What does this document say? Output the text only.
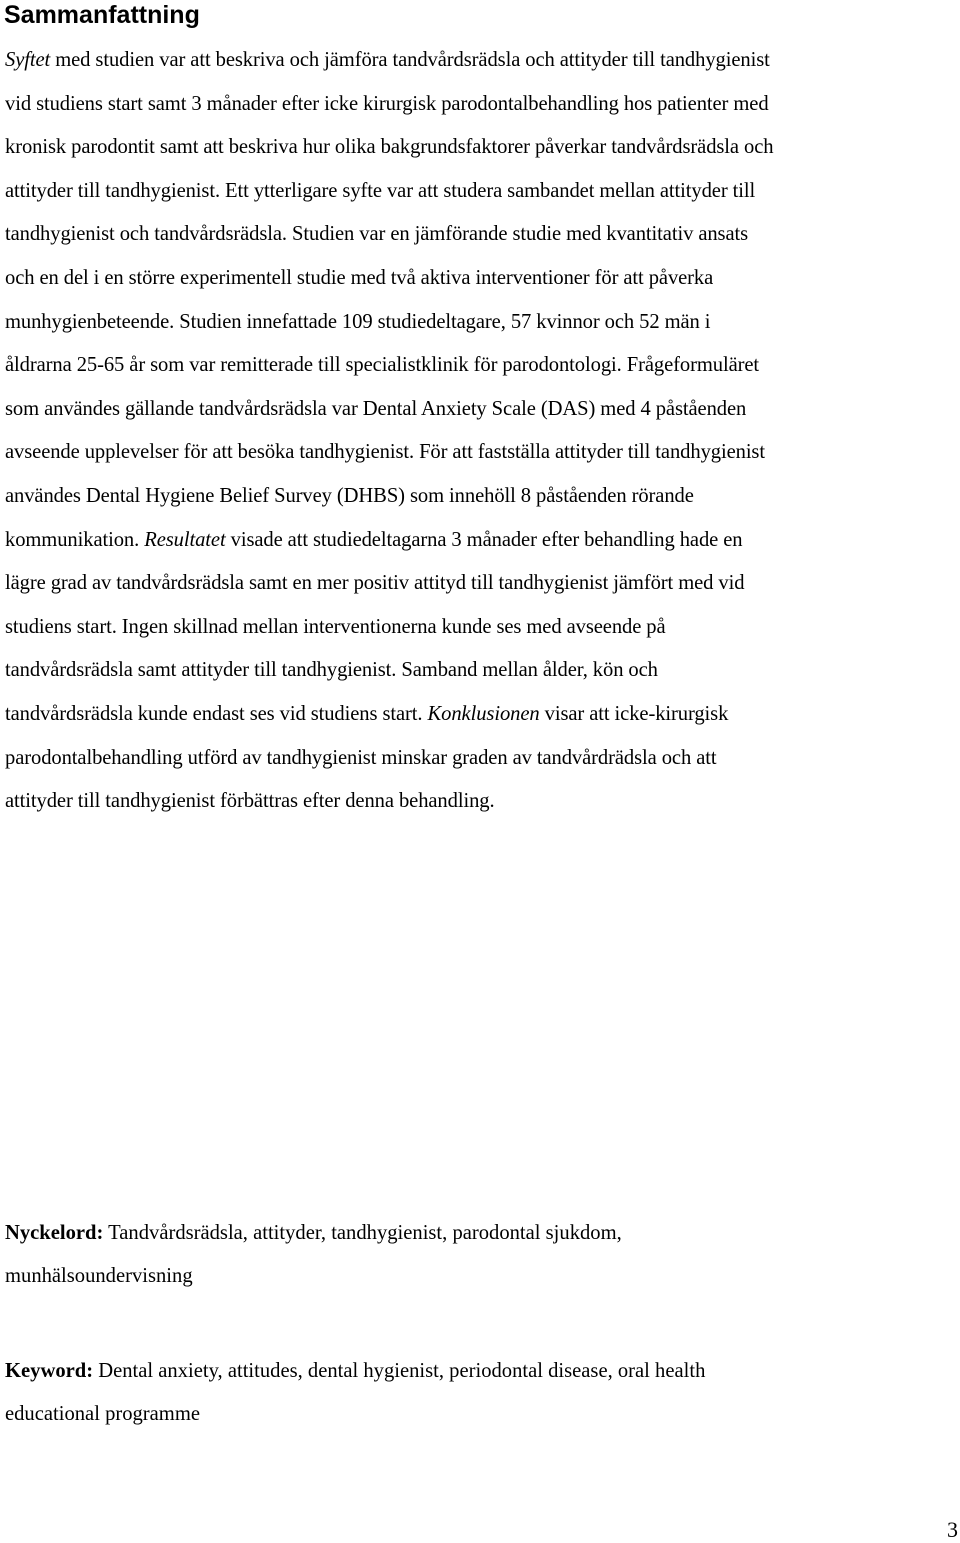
Sammanfattning

Syftet med studien var att beskriva och jämföra tandvårdsrädsla och attityder till tandhygienist
vid studiens start samt 3 månader efter icke kirurgisk parodontalbehandling hos patienter med
kronisk parodontit samt att beskriva hur olika bakgrundsfaktorer påverkar tandvårdsrädsla och
attityder till tandhygienist. Ett ytterligare syfte var att studera sambandet mellan attityder till
tandhygienist och tandvårdsrädsla. Studien var en jämförande studie med kvantitativ ansats
och en del i en större experimentell studie med två aktiva interventioner för att påverka
munhygienbeteende. Studien innefattade 109 studiedeltagare, 57 kvinnor och 52 män i
åldrarna 25-65 år som var remitterade till specialistklinik för parodontologi. Frågeformuläret
som användes gällande tandvårdsrädsla var Dental Anxiety Scale (DAS) med 4 påståenden
avseende upplevelser för att besöka tandhygienist. För att fastställa attityder till tandhygienist
användes Dental Hygiene Belief Survey (DHBS) som innehöll 8 påståenden rörande
kommunikation. Resultatet visade att studiedeltagarna 3 månader efter behandling hade en
lägre grad av tandvårdsrädsla samt en mer positiv attityd till tandhygienist jämfört med vid
studiens start. Ingen skillnad mellan interventionerna kunde ses med avseende på
tandvårdsrädsla samt attityder till tandhygienist. Samband mellan ålder, kön och
tandvårdsrädsla kunde endast ses vid studiens start. Konklusionen visar att icke-kirurgisk
parodontalbehandling utförd av tandhygienist minskar graden av tandvårdrädsla och att
attityder till tandhygienist förbättras efter denna behandling.

Nyckelord: Tandvårdsrädsla, attityder, tandhygienist, parodontal sjukdom,
munhälsoundervisning

Keyword: Dental anxiety, attitudes, dental hygienist, periodontal disease, oral health
educational programme

3
